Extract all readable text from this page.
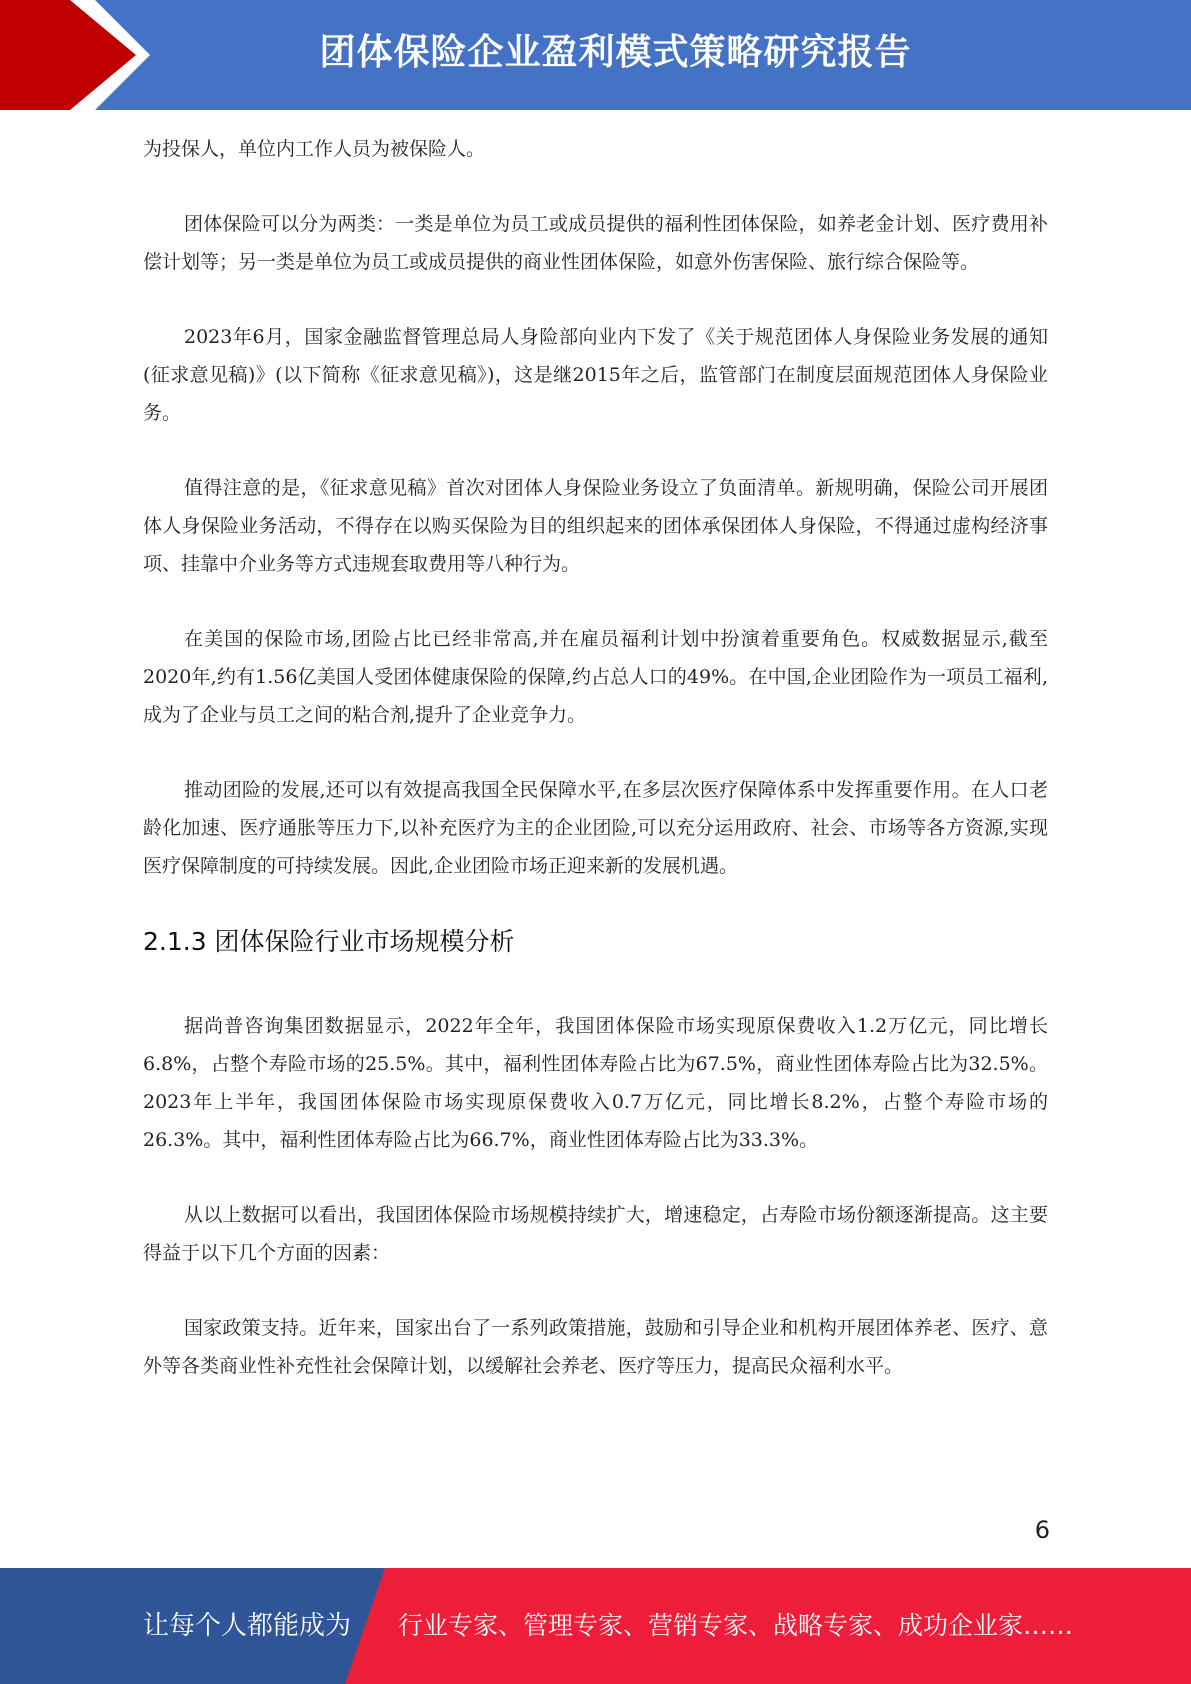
团体保险企业盈利模式策略研究报告

为投保人，单位内工作人员为被保险人。

团体保险可以分为两类：一类是单位为员工或成员提供的福利性团体保险，如养老金计划、医疗费用补偿计划等；另一类是单位为员工或成员提供的商业性团体保险，如意外伤害保险、旅行综合保险等。

2023年6月，国家金融监督管理总局人身险部向业内下发了《关于规范团体人身保险业务发展的通知(征求意见稿)》(以下简称《征求意见稿》)，这是继2015年之后，监管部门在制度层面规范团体人身保险业务。

值得注意的是，《征求意见稿》首次对团体人身保险业务设立了负面清单。新规明确，保险公司开展团体人身保险业务活动，不得存在以购买保险为目的组织起来的团体承保团体人身保险，不得通过虚构经济事项、挂靠中介业务等方式违规套取费用等八种行为。

在美国的保险市场,团险占比已经非常高,并在雇员福利计划中扮演着重要角色。权威数据显示,截至2020年,约有1.56亿美国人受团体健康保险的保障,约占总人口的49%。在中国,企业团险作为一项员工福利,成为了企业与员工之间的粘合剂,提升了企业竞争力。

推动团险的发展,还可以有效提高我国全民保障水平,在多层次医疗保障体系中发挥重要作用。在人口老龄化加速、医疗通胀等压力下,以补充医疗为主的企业团险,可以充分运用政府、社会、市场等各方资源,实现医疗保障制度的可持续发展。因此,企业团险市场正迎来新的发展机遇。

2.1.3 团体保险行业市场规模分析

据尚普咨询集团数据显示，2022年全年，我国团体保险市场实现原保费收入1.2万亿元，同比增长6.8%，占整个寿险市场的25.5%。其中，福利性团体寿险占比为67.5%，商业性团体寿险占比为32.5%。2023年上半年，我国团体保险市场实现原保费收入0.7万亿元，同比增长8.2%，占整个寿险市场的26.3%。其中，福利性团体寿险占比为66.7%，商业性团体寿险占比为33.3%。

从以上数据可以看出，我国团体保险市场规模持续扩大，增速稳定，占寿险市场份额逐渐提高。这主要得益于以下几个方面的因素：

国家政策支持。近年来，国家出台了一系列政策措施，鼓励和引导企业和机构开展团体养老、医疗、意外等各类商业性补充性社会保障计划，以缓解社会养老、医疗等压力，提高民众福利水平。

6
让每个人都能成为 行业专家、管理专家、营销专家、战略专家、成功企业家……
